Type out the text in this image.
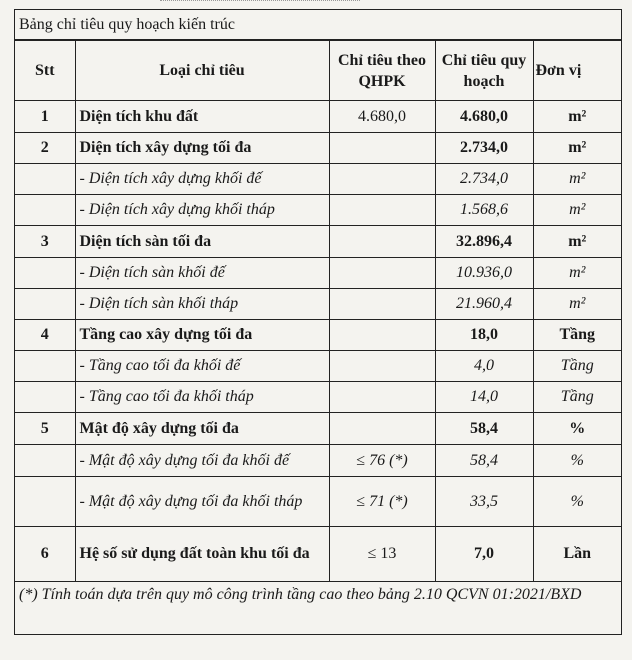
Bảng chỉ tiêu quy hoạch kiến trúc
Stt	Loại chỉ tiêu	Chỉ tiêu theo QHPK	Chỉ tiêu quy hoạch	Đơn vị
1	Diện tích khu đất	4.680,0	4.680,0	m²
2	Diện tích xây dựng tối đa		2.734,0	m²
	- Diện tích xây dựng khối đế		2.734,0	m²
	- Diện tích xây dựng khối tháp		1.568,6	m²
3	Diện tích sàn tối đa		32.896,4	m²
	- Diện tích sàn khối đế		10.936,0	m²
	- Diện tích sàn khối tháp		21.960,4	m²
4	Tầng cao xây dựng tối đa		18,0	Tầng
	- Tầng cao tối đa khối đế		4,0	Tầng
	- Tầng cao tối đa khối tháp		14,0	Tầng
5	Mật độ xây dựng tối đa		58,4	%
	- Mật độ xây dựng tối đa khối đế	≤ 76 (*)	58,4	%
	- Mật độ xây dựng tối đa khối tháp	≤ 71 (*)	33,5	%
6	Hệ số sử dụng đất toàn khu tối đa	≤ 13	7,0	Lần
(*) Tính toán dựa trên quy mô công trình tầng cao theo bảng 2.10 QCVN 01:2021/BXD
